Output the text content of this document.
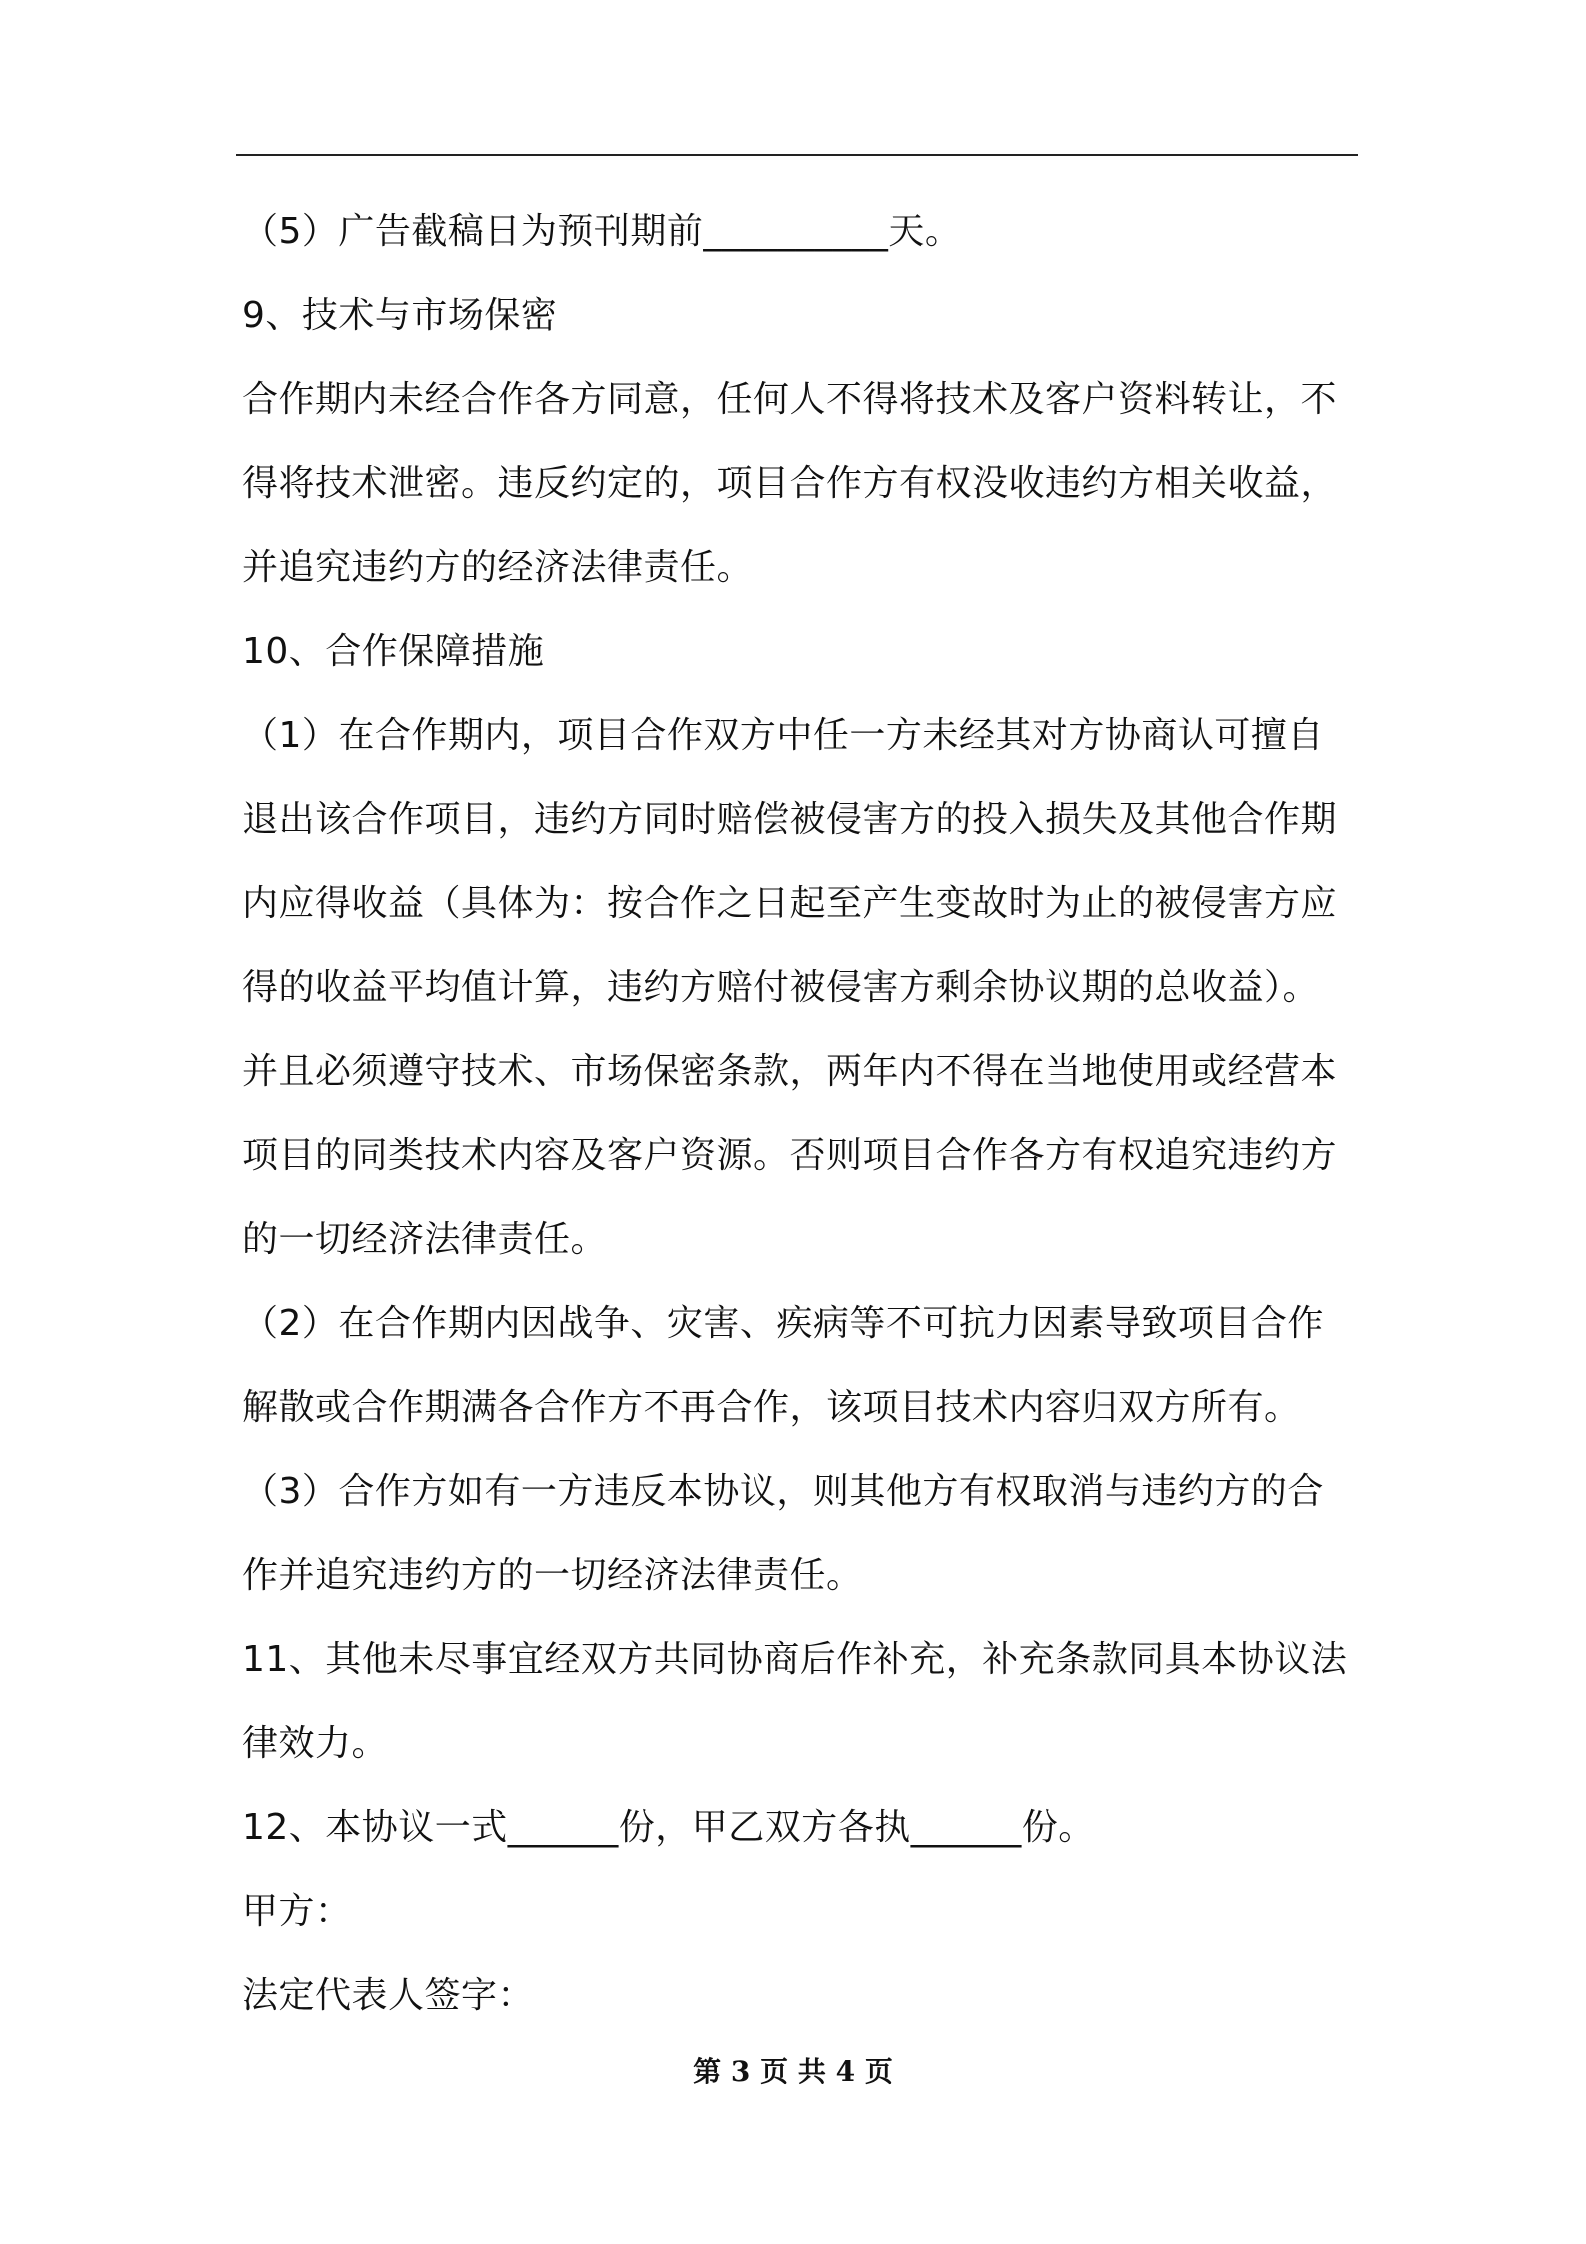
（5）广告截稿日为预刊期前__________天。
9、技术与市场保密
合作期内未经合作各方同意，任何人不得将技术及客户资料转让，不
得将技术泄密。违反约定的，项目合作方有权没收违约方相关收益，
并追究违约方的经济法律责任。
10、合作保障措施
（1）在合作期内，项目合作双方中任一方未经其对方协商认可擅自
退出该合作项目，违约方同时赔偿被侵害方的投入损失及其他合作期
内应得收益（具体为：按合作之日起至产生变故时为止的被侵害方应
得的收益平均值计算，违约方赔付被侵害方剩余协议期的总收益）。
并且必须遵守技术、市场保密条款，两年内不得在当地使用或经营本
项目的同类技术内容及客户资源。否则项目合作各方有权追究违约方
的一切经济法律责任。
（2）在合作期内因战争、灾害、疾病等不可抗力因素导致项目合作
解散或合作期满各合作方不再合作，该项目技术内容归双方所有。
（3）合作方如有一方违反本协议，则其他方有权取消与违约方的合
作并追究违约方的一切经济法律责任。
11、其他未尽事宜经双方共同协商后作补充，补充条款同具本协议法
律效力。
12、本协议一式______份，甲乙双方各执______份。
甲方：
法定代表人签字：
第 3 页 共 4 页
